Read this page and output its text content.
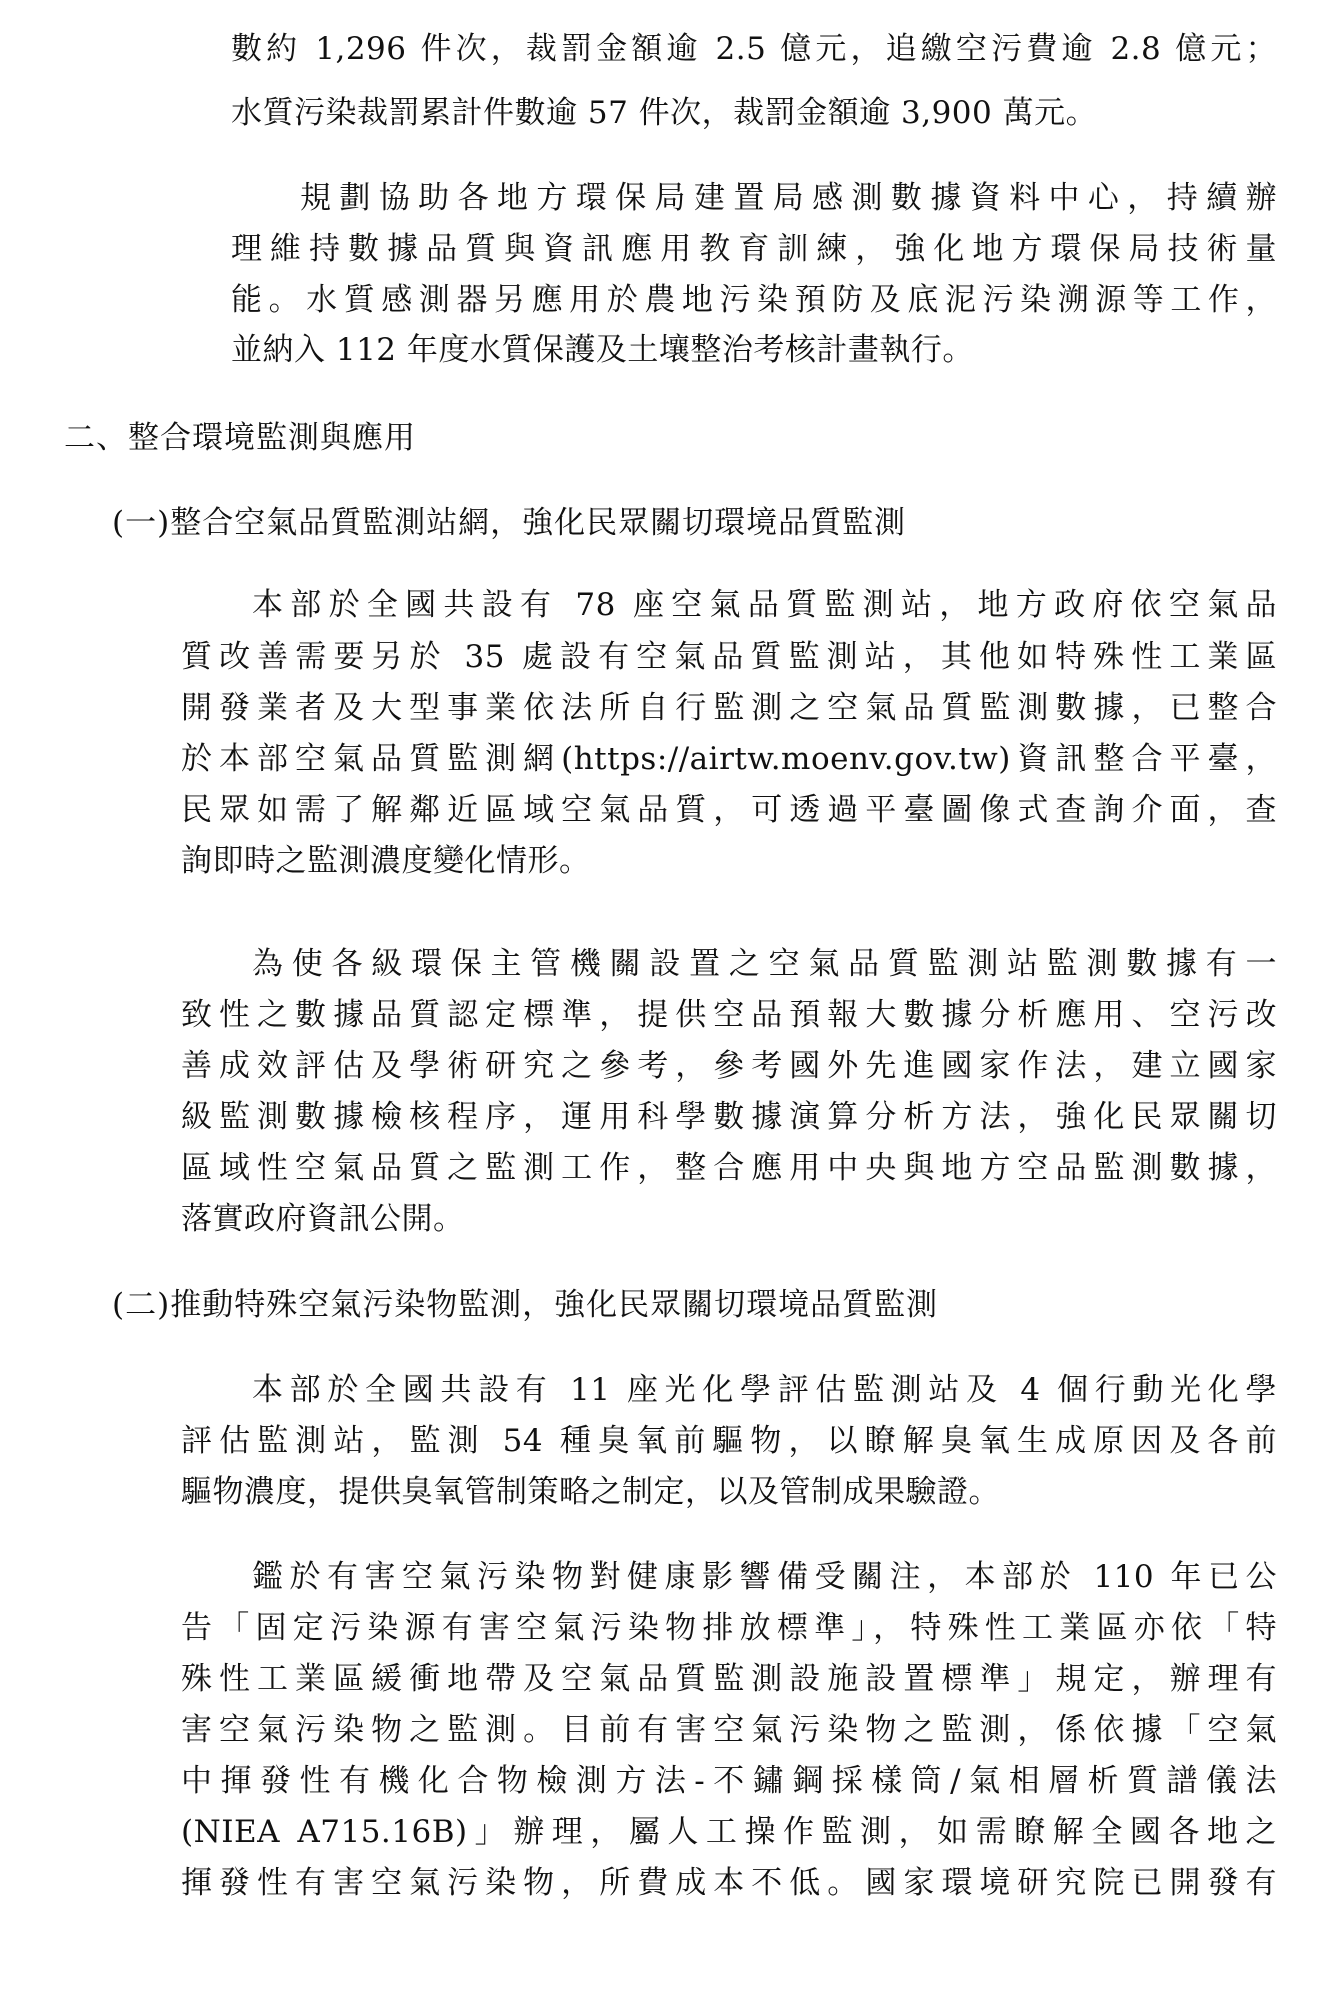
數約 1,296 件次，裁罰金額逾 2.5 億元，追繳空污費逾 2.8 億元；
水質污染裁罰累計件數逾 57 件次，裁罰金額逾 3,900 萬元。
規劃協助各地方環保局建置局感測數據資料中心，持續辦
理維持數據品質與資訊應用教育訓練，強化地方環保局技術量
能。水質感測器另應用於農地污染預防及底泥污染溯源等工作，
並納入 112 年度水質保護及土壤整治考核計畫執行。
二、整合環境監測與應用
(一)整合空氣品質監測站網，強化民眾關切環境品質監測
本部於全國共設有 78 座空氣品質監測站，地方政府依空氣品
質改善需要另於 35 處設有空氣品質監測站，其他如特殊性工業區
開發業者及大型事業依法所自行監測之空氣品質監測數據，已整合
於本部空氣品質監測網(https://airtw.moenv.gov.tw)資訊整合平臺，
民眾如需了解鄰近區域空氣品質，可透過平臺圖像式查詢介面，查
詢即時之監測濃度變化情形。
為使各級環保主管機關設置之空氣品質監測站監測數據有一
致性之數據品質認定標準，提供空品預報大數據分析應用、空污改
善成效評估及學術研究之參考，參考國外先進國家作法，建立國家
級監測數據檢核程序，運用科學數據演算分析方法，強化民眾關切
區域性空氣品質之監測工作，整合應用中央與地方空品監測數據，
落實政府資訊公開。
(二)推動特殊空氣污染物監測，強化民眾關切環境品質監測
本部於全國共設有 11 座光化學評估監測站及 4 個行動光化學
評估監測站，監測 54 種臭氧前驅物，以瞭解臭氧生成原因及各前
驅物濃度，提供臭氧管制策略之制定，以及管制成果驗證。
鑑於有害空氣污染物對健康影響備受關注，本部於 110 年已公
告「固定污染源有害空氣污染物排放標準」，特殊性工業區亦依「特
殊性工業區緩衝地帶及空氣品質監測設施設置標準」規定，辦理有
害空氣污染物之監測。目前有害空氣污染物之監測，係依據「空氣
中揮發性有機化合物檢測方法-不鏽鋼採樣筒/氣相層析質譜儀法
(NIEA A715.16B)」辦理，屬人工操作監測，如需瞭解全國各地之
揮發性有害空氣污染物，所費成本不低。國家環境研究院已開發有
